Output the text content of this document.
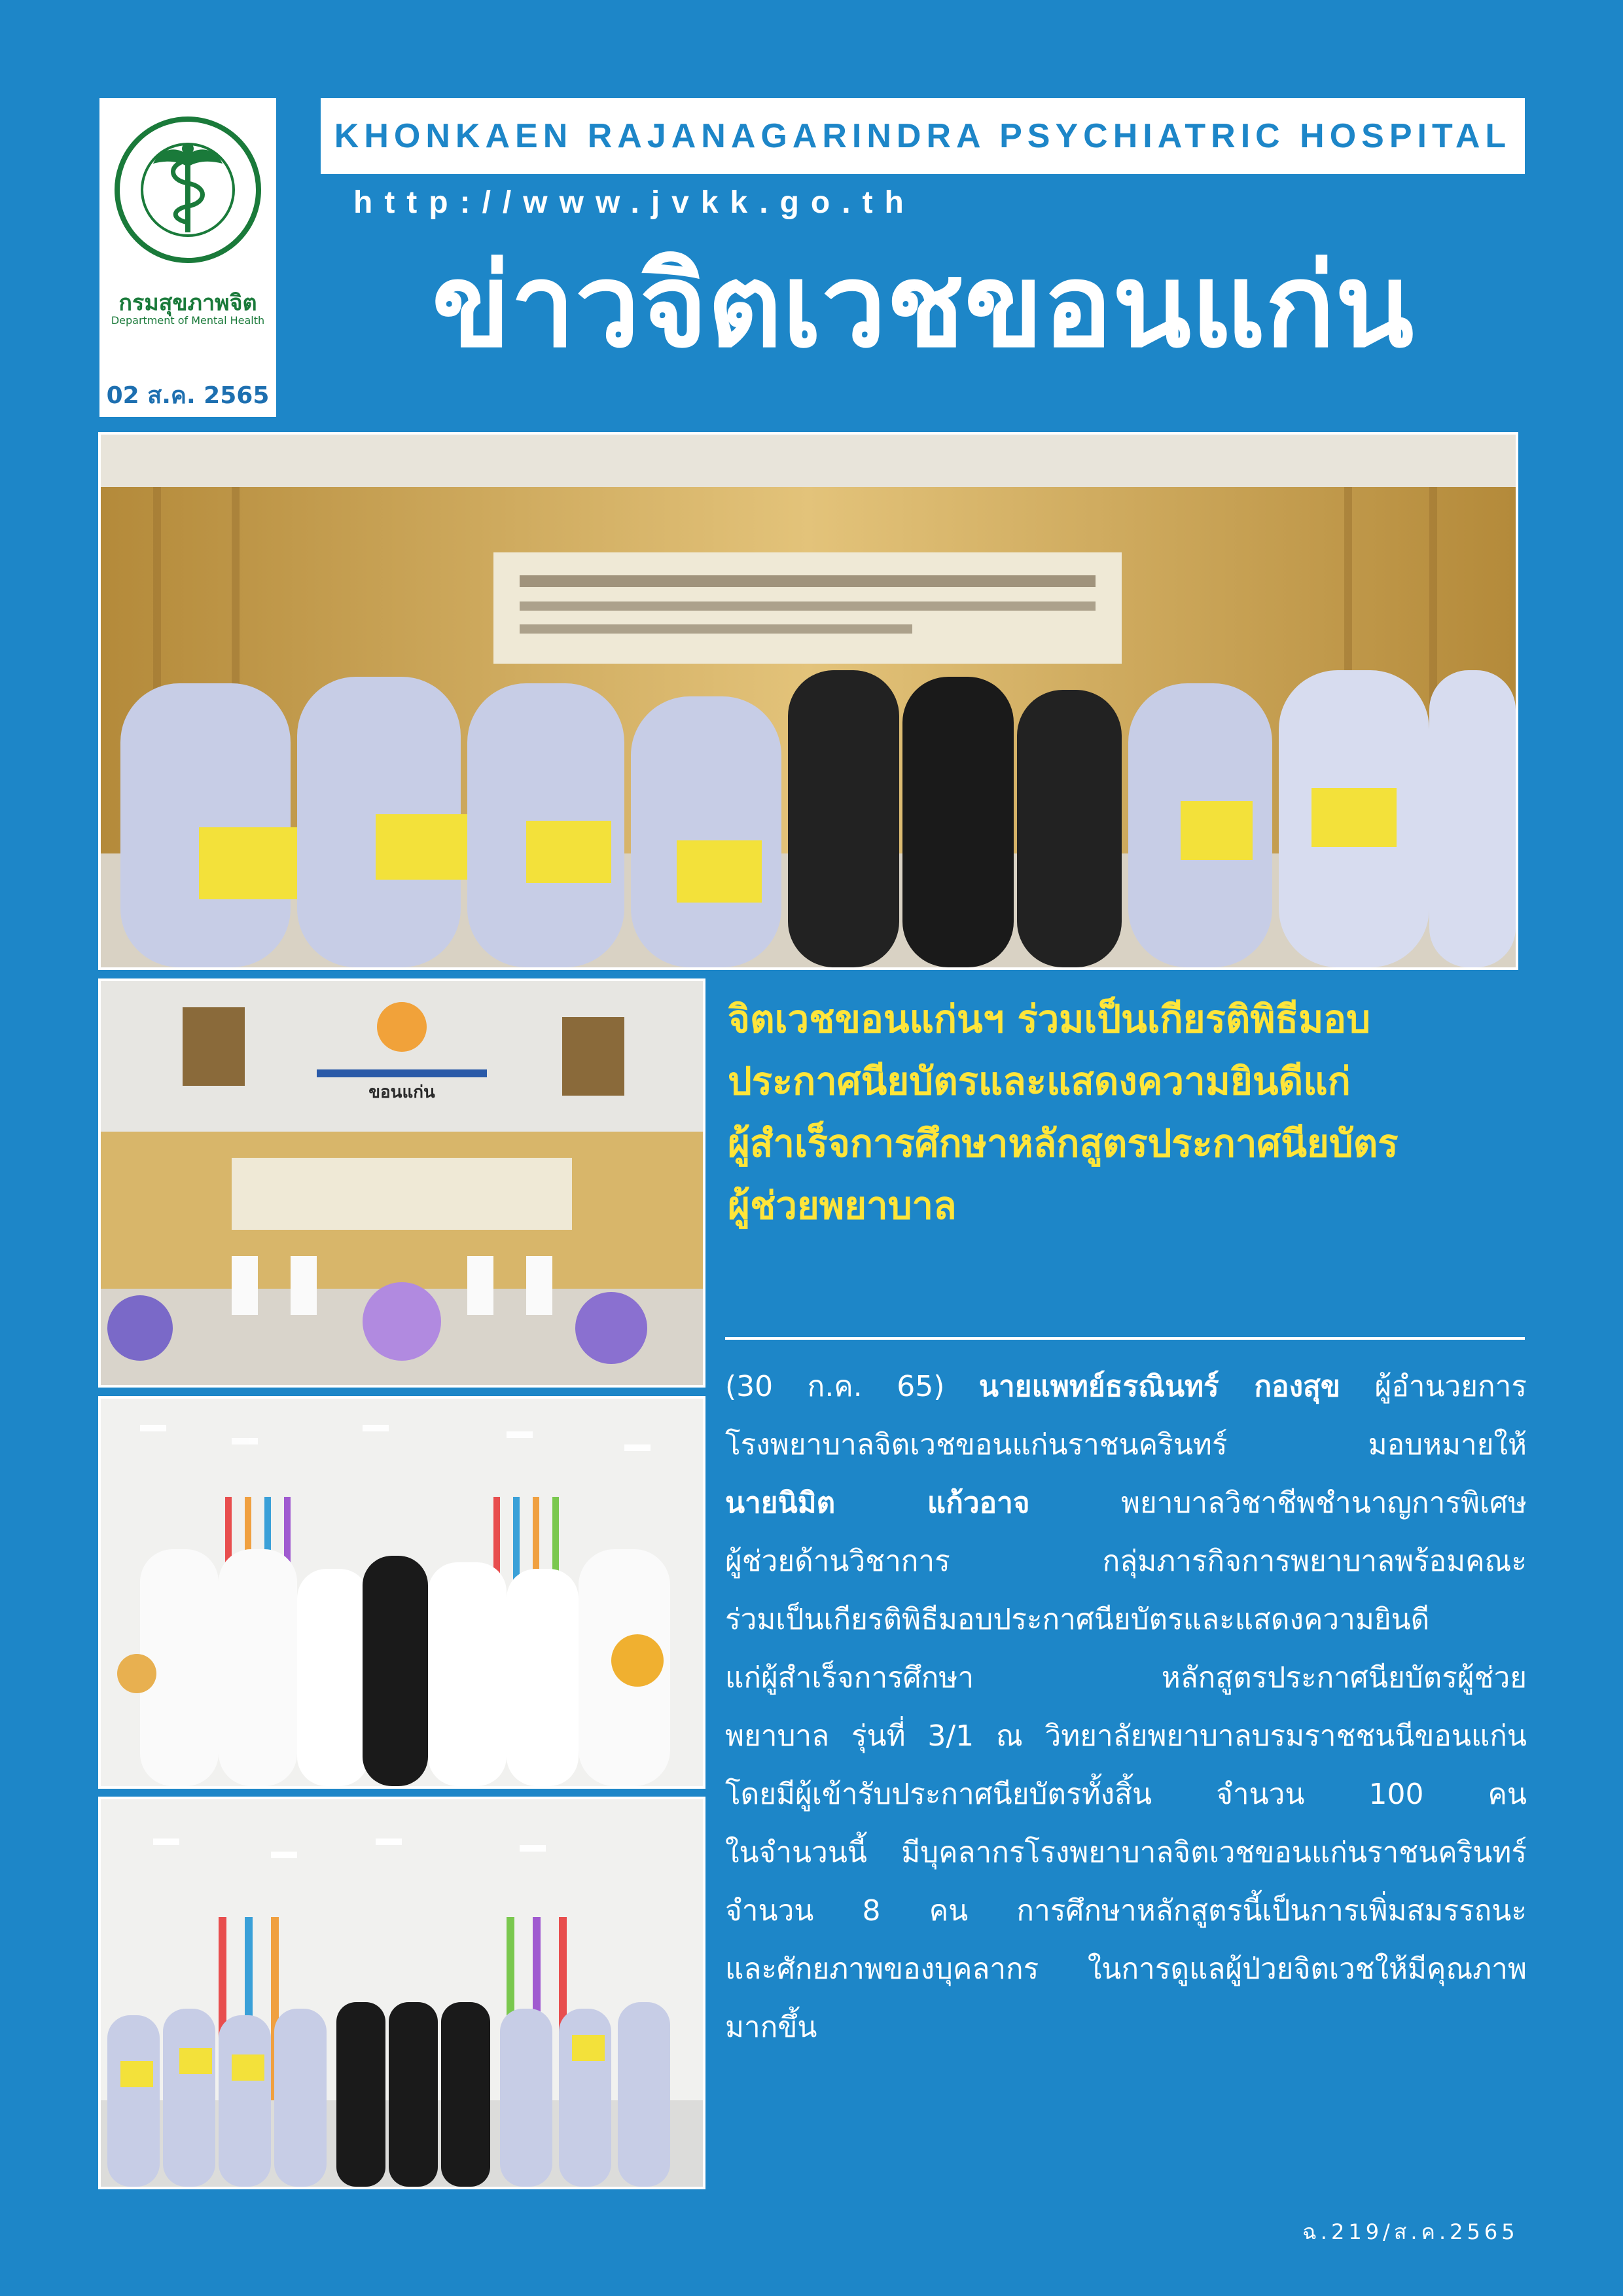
กรมสุขภาพจิต
Department of Mental Health
02 ส.ค. 2565
KHONKAEN RAJANAGARINDRA PSYCHIATRIC HOSPITAL
http://www.jvkk.go.th
ข่าวจิตเวชขอนแก่น
ขอนแก่น
จิตเวชขอนแก่นฯ ร่วมเป็นเกียรติพิธีมอบ
ประกาศนียบัตรและแสดงความยินดีแก่
ผู้สำเร็จการศึกษาหลักสูตรประกาศนียบัตร
ผู้ช่วยพยาบาล
(30 ก.ค. 65) นายแพทย์ธรณินทร์ กองสุข ผู้อำนวยการ
โรงพยาบาลจิตเวชขอนแก่นราชนครินทร์ มอบหมายให้
นายนิมิต แก้วอาจ	พยาบาลวิชาชีพชำนาญการพิเศษ
ผู้ช่วยด้านวิชาการ กลุ่มภารกิจการพยาบาลพร้อมคณะ
ร่วมเป็นเกียรติพิธีมอบประกาศนียบัตรและแสดงความยินดี
แก่ผู้สำเร็จการศึกษา หลักสูตรประกาศนียบัตรผู้ช่วย
พยาบาล รุ่นที่ 3/1 ณ วิทยาลัยพยาบาลบรมราชชนนีขอนแก่น
โดยมีผู้เข้ารับประกาศนียบัตรทั้งสิ้น จำนวน 100 คน
ในจำนวนนี้ มีบุคลากรโรงพยาบาลจิตเวชขอนแก่นราชนครินทร์
จำนวน 8 คน การศึกษาหลักสูตรนี้เป็นการเพิ่มสมรรถนะ
และศักยภาพของบุคลากร ในการดูแลผู้ป่วยจิตเวชให้มีคุณภาพ
มากขึ้น
ฉ.219/ส.ค.2565
